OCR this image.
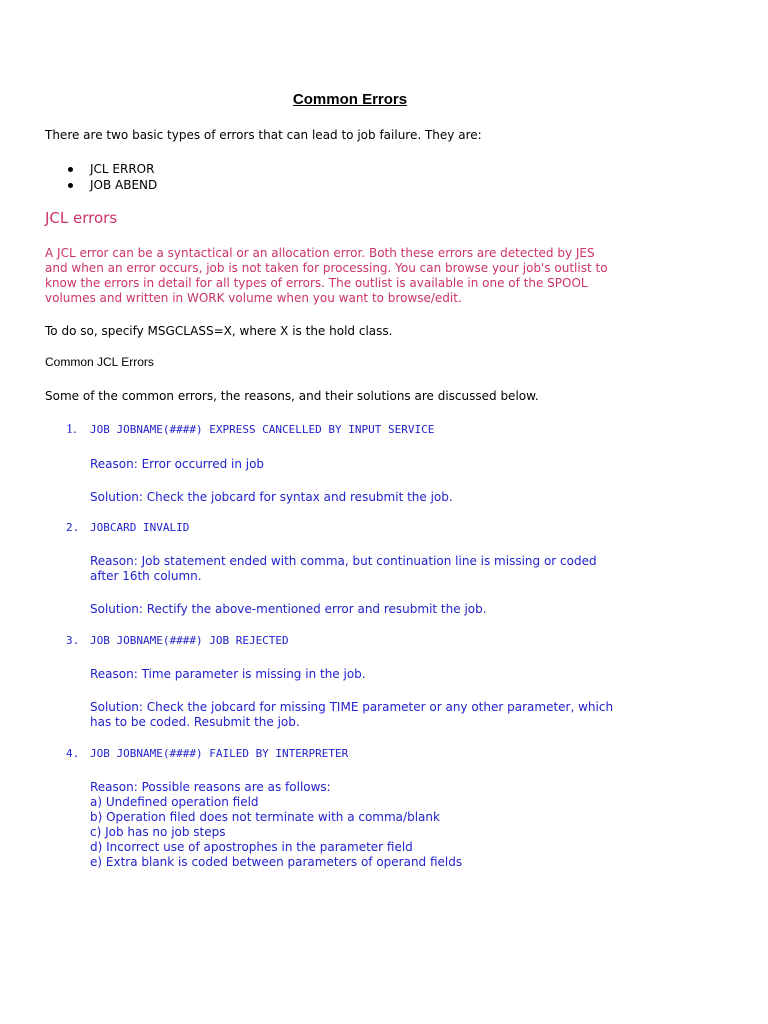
Common Errors
There are two basic types of errors that can lead to job failure. They are:
JCL ERROR
JOB ABEND
JCL errors
A JCL error can be a syntactical or an allocation error. Both these errors are detected by JES
and when an error occurs, job is not taken for processing. You can browse your job's outlist to
know the errors in detail for all types of errors. The outlist is available in one of the SPOOL
volumes and written in WORK volume when you want to browse/edit.
To do so, specify MSGCLASS=X, where X is the hold class.
Common JCL Errors
Some of the common errors, the reasons, and their solutions are discussed below.
1. JOB JOBNAME(####) EXPRESS CANCELLED BY INPUT SERVICE
Reason: Error occurred in job
Solution: Check the jobcard for syntax and resubmit the job.
2. JOBCARD INVALID
Reason: Job statement ended with comma, but continuation line is missing or coded
after 16th column.
Solution: Rectify the above-mentioned error and resubmit the job.
3. JOB JOBNAME(####) JOB REJECTED
Reason: Time parameter is missing in the job.
Solution: Check the jobcard for missing TIME parameter or any other parameter, which
has to be coded. Resubmit the job.
4. JOB JOBNAME(####) FAILED BY INTERPRETER
Reason: Possible reasons are as follows:
a) Undefined operation field
b) Operation filed does not terminate with a comma/blank
c) Job has no job steps
d) Incorrect use of apostrophes in the parameter field
e) Extra blank is coded between parameters of operand fields
